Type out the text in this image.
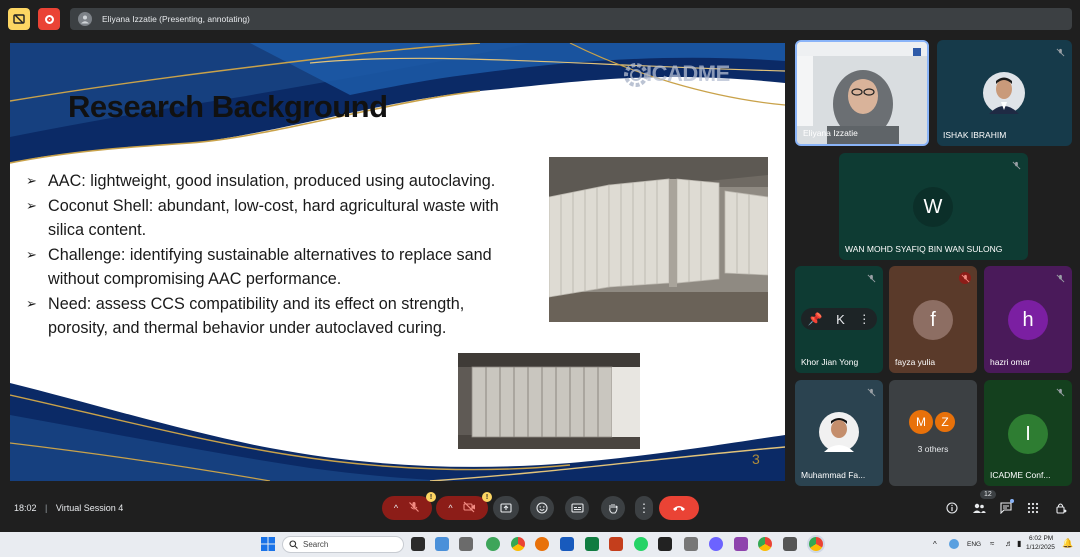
Eliyana Izzatie (Presenting, annotating)
ICADME
Research Background
➢ AAC: lightweight, good insulation, produced using autoclaving.
➢ Coconut Shell: abundant, low-cost, hard agricultural waste with silica content.
➢ Challenge: identifying sustainable alternatives to replace sand without compromising AAC performance.
➢ Need: assess CCS compatibility and its effect on strength, porosity, and thermal behavior under autoclaved curing.
3
Eliyana Izzatie	ISHAK IBRAHIM
W
WAN MOHD SYAFIQ BIN WAN SULONG
📌 K ⋮
Khor Jian Yong
f
fayza yulia
h
hazri omar
Muhammad Fa...
M	Z
3 others
I
ICADME Conf...
18:02 | Virtual Session 4	^
!
^
!
⋮
12
Search	^	ENG ≈ ♬ ▮
6:02 PM
1/12/2025 🔔
